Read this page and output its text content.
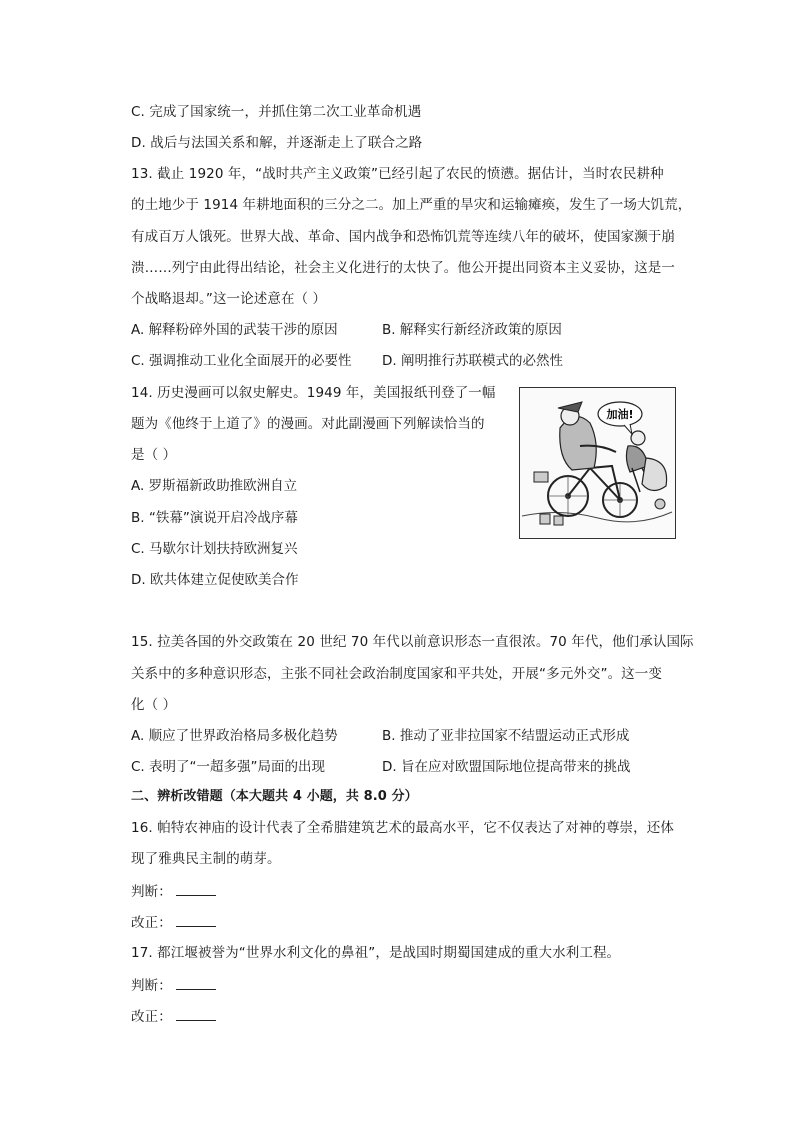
C. 完成了国家统一，并抓住第二次工业革命机遇
D. 战后与法国关系和解，并逐渐走上了联合之路
13. 截止 1920 年，“战时共产主义政策”已经引起了农民的愤懑。据估计，当时农民耕种
的土地少于 1914 年耕地面积的三分之二。加上严重的旱灾和运输瘫痪，发生了一场大饥荒，
有成百万人饿死。世界大战、革命、国内战争和恐怖饥荒等连续八年的破坏，使国家濒于崩
溃……列宁由此得出结论，社会主义化进行的太快了。他公开提出同资本主义妥协，这是一
个战略退却。”这一论述意在（ ）
A. 解释粉碎外国的武装干涉的原因	B. 解释实行新经济政策的原因
C. 强调推动工业化全面展开的必要性 D. 阐明推行苏联模式的必然性
14. 历史漫画可以叙史解史。1949 年，美国报纸刊登了一幅
题为《他终于上道了》的漫画。对此副漫画下列解读恰当的
是（ ）
A. 罗斯福新政助推欧洲自立
B. “铁幕”演说开启冷战序幕
C. 马歇尔计划扶持欧洲复兴
D. 欧共体建立促使欧美合作
加油!
15. 拉美各国的外交政策在 20 世纪 70 年代以前意识形态一直很浓。70 年代，他们承认国际
关系中的多种意识形态，主张不同社会政治制度国家和平共处，开展“多元外交”。这一变
化（ ）
A. 顺应了世界政治格局多极化趋势	B. 推动了亚非拉国家不结盟运动正式形成
C. 表明了“一超多强”局面的出现	D. 旨在应对欧盟国际地位提高带来的挑战
二、辨析改错题（本大题共 4 小题，共 8.0 分）
16. 帕特农神庙的设计代表了全希腊建筑艺术的最高水平，它不仅表达了对神的尊崇，还体
现了雅典民主制的萌芽。
判断：
改正：
17. 都江堰被誉为“世界水利文化的鼻祖”，是战国时期蜀国建成的重大水利工程。
判断：
改正：
